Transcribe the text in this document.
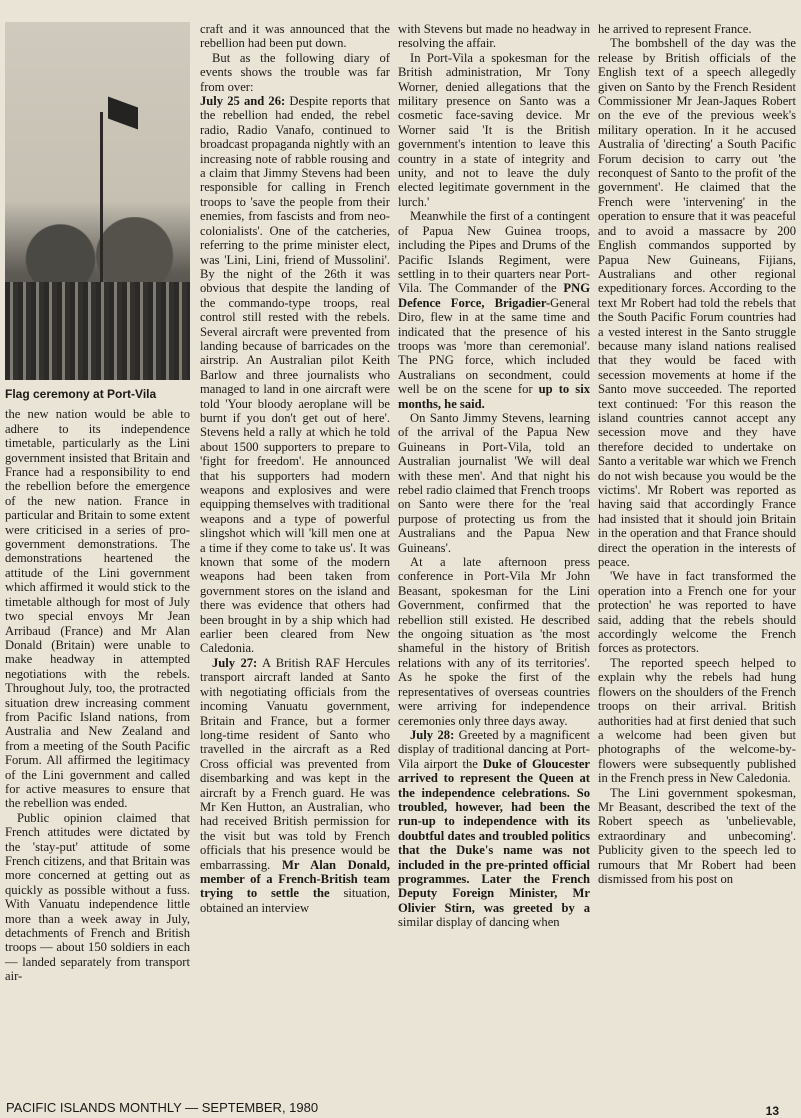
Flag ceremony at Port-Vila

the new nation would be able to adhere to its independence timetable, particularly as the Lini government insisted that Britain and France had a responsibility to end the rebellion before the emergence of the new nation. France in particular and Britain to some extent were criticised in a series of pro-government demonstrations. The demonstrations heartened the attitude of the Lini government which affirmed it would stick to the timetable although for most of July two special envoys Mr Jean Arribaud (France) and Mr Alan Donald (Britain) were unable to make headway in attempted negotiations with the rebels. Throughout July, too, the protracted situation drew increasing comment from Pacific Island nations, from Australia and New Zealand and from a meeting of the South Pacific Forum. All affirmed the legitimacy of the Lini government and called for active measures to ensure that the rebellion was ended.

Public opinion claimed that French attitudes were dictated by the 'stay-put' attitude of some French citizens, and that Britain was more concerned at getting out as quickly as possible without a fuss. With Vanuatu independence little more than a week away in July, detachments of French and British troops — about 150 soldiers in each — landed separately from transport air-

craft and it was announced that the rebellion had been put down.

But as the following diary of events shows the trouble was far from over:

July 25 and 26: Despite reports that the rebellion had ended, the rebel radio, Radio Vanafo, continued to broadcast propaganda nightly with an increasing note of rabble rousing and a claim that Jimmy Stevens had been responsible for calling in French troops to 'save the people from their enemies, from fascists and from neo-colonialists'. One of the catcheries, referring to the prime minister elect, was 'Lini, Lini, friend of Mussolini'. By the night of the 26th it was obvious that despite the landing of the commando-type troops, real control still rested with the rebels. Several aircraft were prevented from landing because of barricades on the airstrip. An Australian pilot Keith Barlow and three journalists who managed to land in one aircraft were told 'Your bloody aeroplane will be burnt if you don't get out of here'. Stevens held a rally at which he told about 1500 supporters to prepare to 'fight for freedom'. He announced that his supporters had modern weapons and explosives and were equipping themselves with traditional weapons and a type of powerful slingshot which will 'kill men one at a time if they come to take us'. It was known that some of the modern weapons had been taken from government stores on the island and there was evidence that others had been brought in by a ship which had earlier been cleared from New Caledonia.

July 27: A British RAF Hercules transport aircraft landed at Santo with negotiating officials from the incoming Vanuatu government, Britain and France, but a former long-time resident of Santo who travelled in the aircraft as a Red Cross official was prevented from disembarking and was kept in the aircraft by a French guard. He was Mr Ken Hutton, an Australian, who had received British permission for the visit but was told by French officials that his presence would be embarrassing. Mr Alan Donald, member of a French-British team trying to settle the situation, obtained an interview

with Stevens but made no headway in resolving the affair.

In Port-Vila a spokesman for the British administration, Mr Tony Worner, denied allegations that the military presence on Santo was a cosmetic face-saving device. Mr Worner said 'It is the British government's intention to leave this country in a state of integrity and unity, and not to leave the duly elected legitimate government in the lurch.'

Meanwhile the first of a contingent of Papua New Guinea troops, including the Pipes and Drums of the Pacific Islands Regiment, were settling in to their quarters near Port-Vila. The Commander of the PNG Defence Force, Brigadier-General Diro, flew in at the same time and indicated that the presence of his troops was 'more than ceremonial'. The PNG force, which included Australians on secondment, could well be on the scene for up to six months, he said.

On Santo Jimmy Stevens, learning of the arrival of the Papua New Guineans in Port-Vila, told an Australian journalist 'We will deal with these men'. And that night his rebel radio claimed that French troops on Santo were there for the 'real purpose of protecting us from the Australians and the Papua New Guineans'.

At a late afternoon press conference in Port-Vila Mr John Beasant, spokesman for the Lini Government, confirmed that the rebellion still existed. He described the ongoing situation as 'the most shameful in the history of British relations with any of its territories'. As he spoke the first of the representatives of overseas countries were arriving for independence ceremonies only three days away.

July 28: Greeted by a magnificent display of traditional dancing at Port-Vila airport the Duke of Gloucester arrived to represent the Queen at the independence celebrations. So troubled, however, had been the run-up to independence with its doubtful dates and troubled politics that the Duke's name was not included in the pre-printed official programmes. Later the French Deputy Foreign Minister, Mr Olivier Stirn, was greeted by a similar display of dancing when

he arrived to represent France.

The bombshell of the day was the release by British officials of the English text of a speech allegedly given on Santo by the French Resident Commissioner Mr Jean-Jaques Robert on the eve of the previous week's military operation. In it he accused Australia of 'directing' a South Pacific Forum decision to carry out 'the reconquest of Santo to the profit of the government'. He claimed that the French were 'intervening' in the operation to ensure that it was peaceful and to avoid a massacre by 200 English commandos supported by Papua New Guineans, Fijians, Australians and other regional expeditionary forces. According to the text Mr Robert had told the rebels that the South Pacific Forum countries had a vested interest in the Santo struggle because many island nations realised that they would be faced with secession movements at home if the Santo move succeeded. The reported text continued: 'For this reason the island countries cannot accept any secession move and they have therefore decided to undertake on Santo a veritable war which we French do not wish because you would be the victims'. Mr Robert was reported as having said that accordingly France had insisted that it should join Britain in the operation and that France should direct the operation in the interests of peace.

'We have in fact transformed the operation into a French one for your protection' he was reported to have said, adding that the rebels should accordingly welcome the French forces as protectors.

The reported speech helped to explain why the rebels had hung flowers on the shoulders of the French troops on their arrival. British authorities had at first denied that such a welcome had been given but photographs of the welcome-by-flowers were subsequently published in the French press in New Caledonia.

The Lini government spokesman, Mr Beasant, described the text of the Robert speech as 'unbelievable, extraordinary and unbecoming'. Publicity given to the speech led to rumours that Mr Robert had been dismissed from his post on

PACIFIC ISLANDS MONTHLY — SEPTEMBER, 1980	13
